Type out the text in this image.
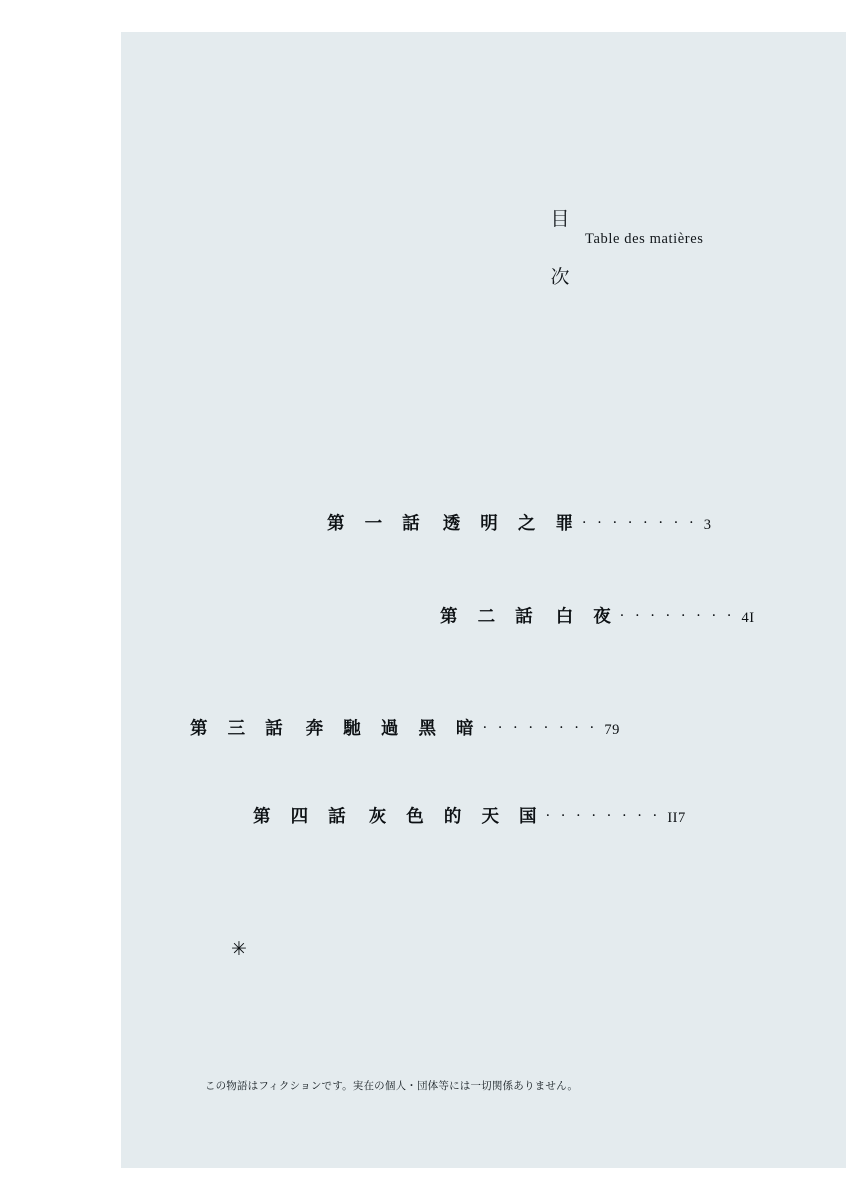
目
次
Table des matières
第 一 話 透 明 之 罪 · · · · · · · · 3
第 二 話 白 夜 · · · · · · · · 4I
第 三 話 奔 馳 過 黑 暗 · · · · · · · · 79
第 四 話 灰 色 的 天 国 · · · · · · · · II7
✳
この物語はフィクションです。実在の個人・団体等には一切関係ありません。
